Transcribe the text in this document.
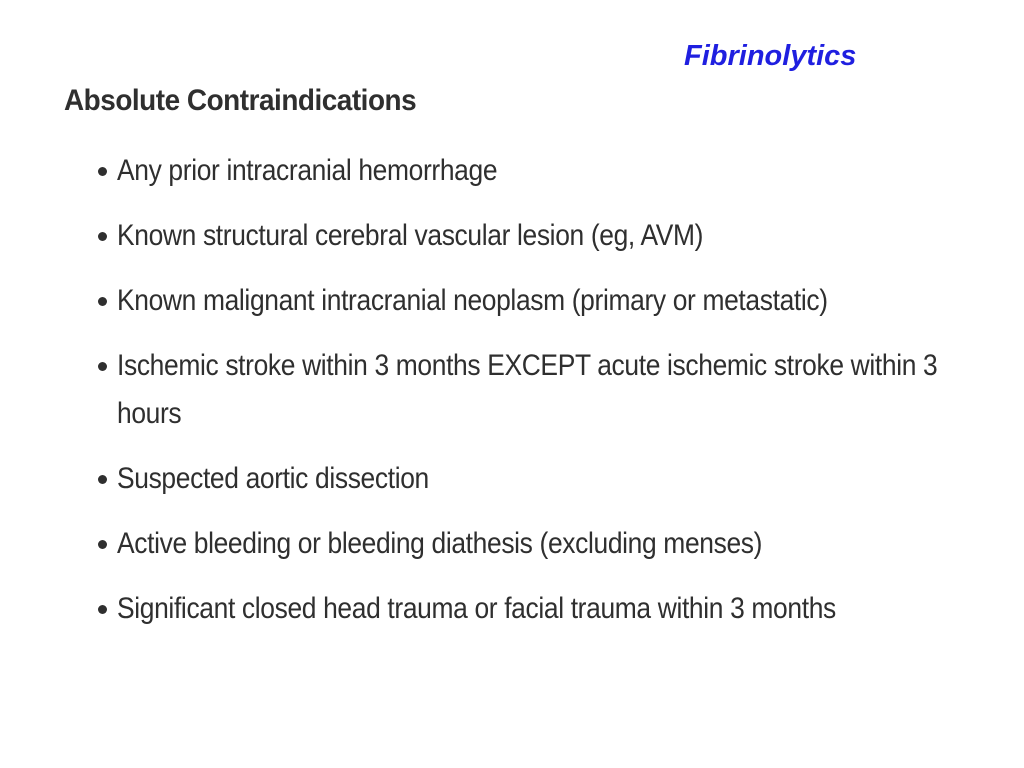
Fibrinolytics
Absolute Contraindications
Any prior intracranial hemorrhage
Known structural cerebral vascular lesion (eg, AVM)
Known malignant intracranial neoplasm (primary or metastatic)
Ischemic stroke within 3 months EXCEPT acute ischemic stroke within 3 hours
Suspected aortic dissection
Active bleeding or bleeding diathesis (excluding menses)
Significant closed head trauma or facial trauma within 3 months
